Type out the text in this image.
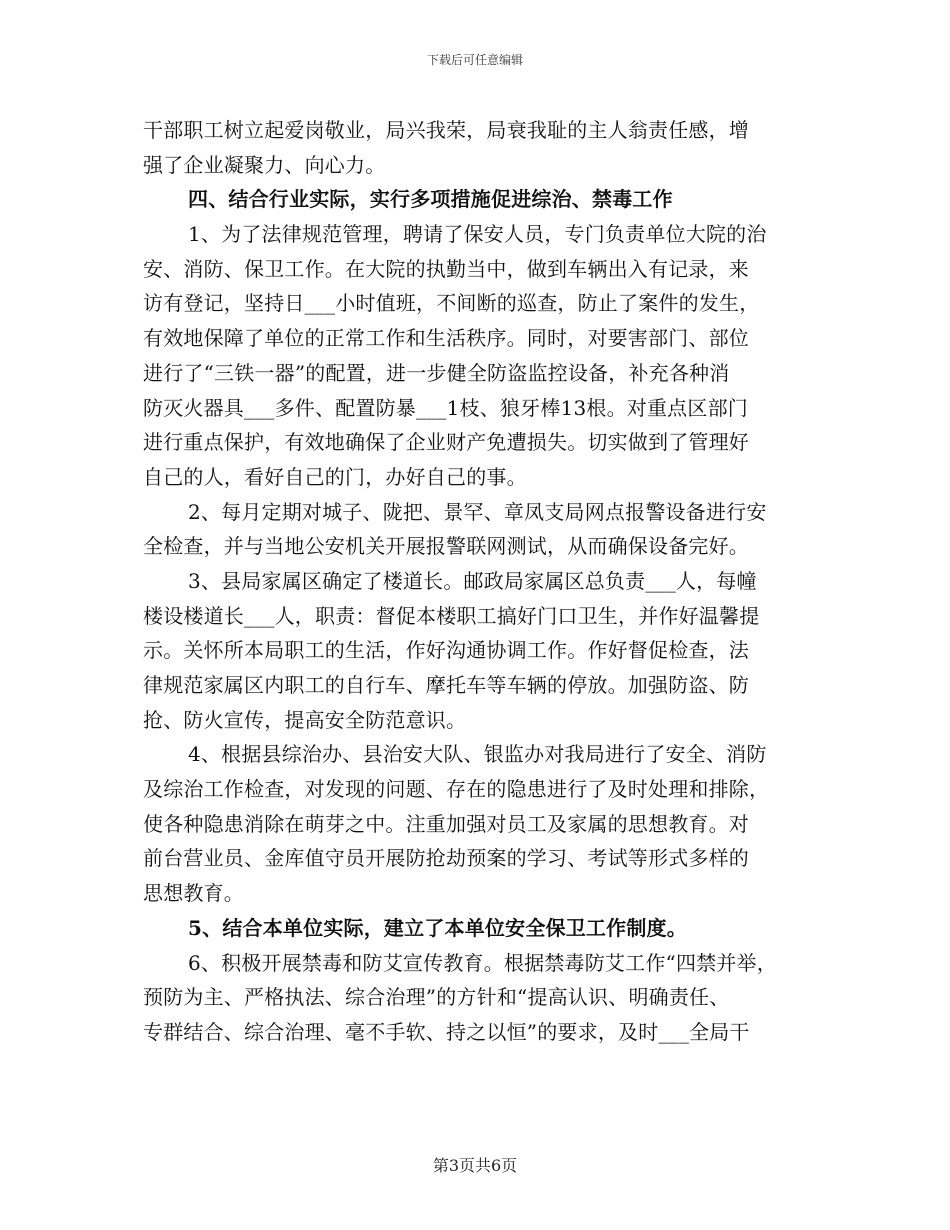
下载后可任意编辑
干部职工树立起爱岗敬业，局兴我荣，局衰我耻的主人翁责任感，增
强了企业凝聚力、向心力。
四、结合行业实际，实行多项措施促进综治、禁毒工作
1、为了法律规范管理，聘请了保安人员，专门负责单位大院的治
安、消防、保卫工作。在大院的执勤当中，做到车辆出入有记录，来
访有登记，坚持日___小时值班，不间断的巡查，防止了案件的发生，
有效地保障了单位的正常工作和生活秩序。同时，对要害部门、部位
进行了“三铁一器”的配置，进一步健全防盗监控设备，补充各种消
防灭火器具___多件、配置防暴___1枝、狼牙棒13根。对重点区部门
进行重点保护，有效地确保了企业财产免遭损失。切实做到了管理好
自己的人，看好自己的门，办好自己的事。
2、每月定期对城子、陇把、景罕、章凤支局网点报警设备进行安
全检查，并与当地公安机关开展报警联网测试，从而确保设备完好。
3、县局家属区确定了楼道长。邮政局家属区总负责___人，每幢
楼设楼道长___人，职责：督促本楼职工搞好门口卫生，并作好温馨提
示。关怀所本局职工的生活，作好沟通协调工作。作好督促检查，法
律规范家属区内职工的自行车、摩托车等车辆的停放。加强防盗、防
抢、防火宣传，提高安全防范意识。
4、根据县综治办、县治安大队、银监办对我局进行了安全、消防
及综治工作检查，对发现的问题、存在的隐患进行了及时处理和排除，
使各种隐患消除在萌芽之中。注重加强对员工及家属的思想教育。对
前台营业员、金库值守员开展防抢劫预案的学习、考试等形式多样的
思想教育。
5、结合本单位实际，建立了本单位安全保卫工作制度。
6、积极开展禁毒和防艾宣传教育。根据禁毒防艾工作“四禁并举，
预防为主、严格执法、综合治理”的方针和“提高认识、明确责任、
专群结合、综合治理、毫不手软、持之以恒”的要求，及时___全局干
第3页共6页
